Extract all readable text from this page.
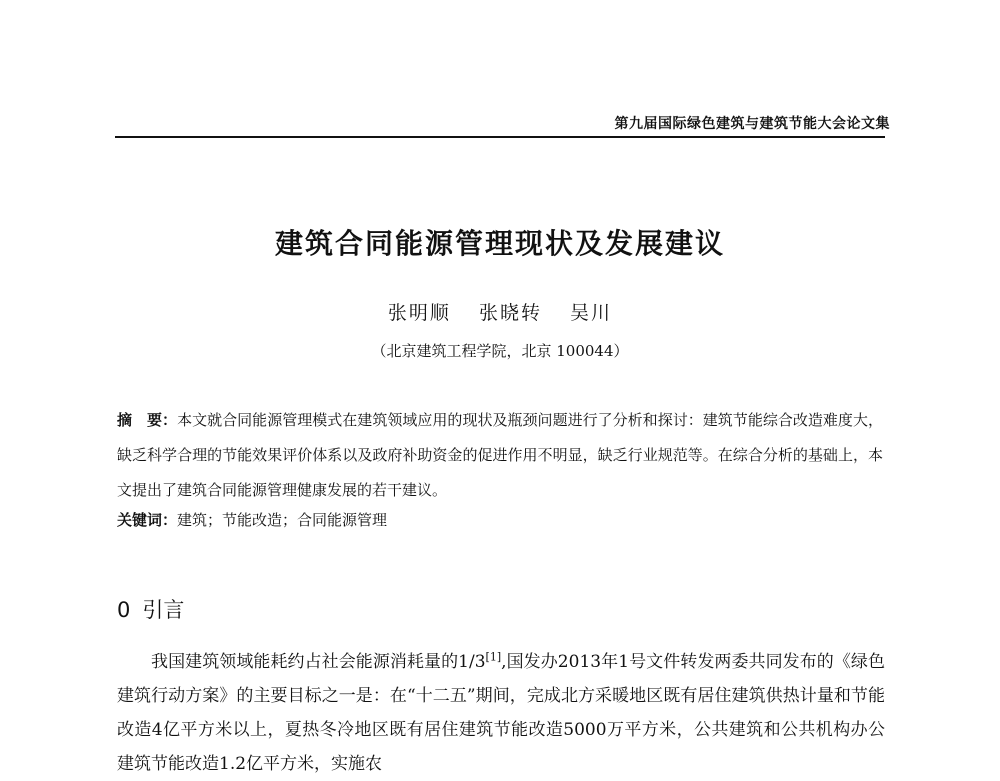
第九届国际绿色建筑与建筑节能大会论文集
建筑合同能源管理现状及发展建议
张明顺 张晓转 吴川
（北京建筑工程学院，北京 100044）
摘　要：本文就合同能源管理模式在建筑领域应用的现状及瓶颈问题进行了分析和探讨：建筑节能综合改造难度大，缺乏科学合理的节能效果评价体系以及政府补助资金的促进作用不明显，缺乏行业规范等。在综合分析的基础上，本文提出了建筑合同能源管理健康发展的若干建议。
关键词：建筑；节能改造；合同能源管理
0 引言
我国建筑领域能耗约占社会能源消耗量的1/3[1],国发办2013年1号文件转发两委共同发布的《绿色建筑行动方案》的主要目标之一是：在“十二五”期间，完成北方采暖地区既有居住建筑供热计量和节能改造4亿平方米以上，夏热冬冷地区既有居住建筑节能改造5000万平方米，公共建筑和公共机构办公建筑节能改造1.2亿平方米，实施农
